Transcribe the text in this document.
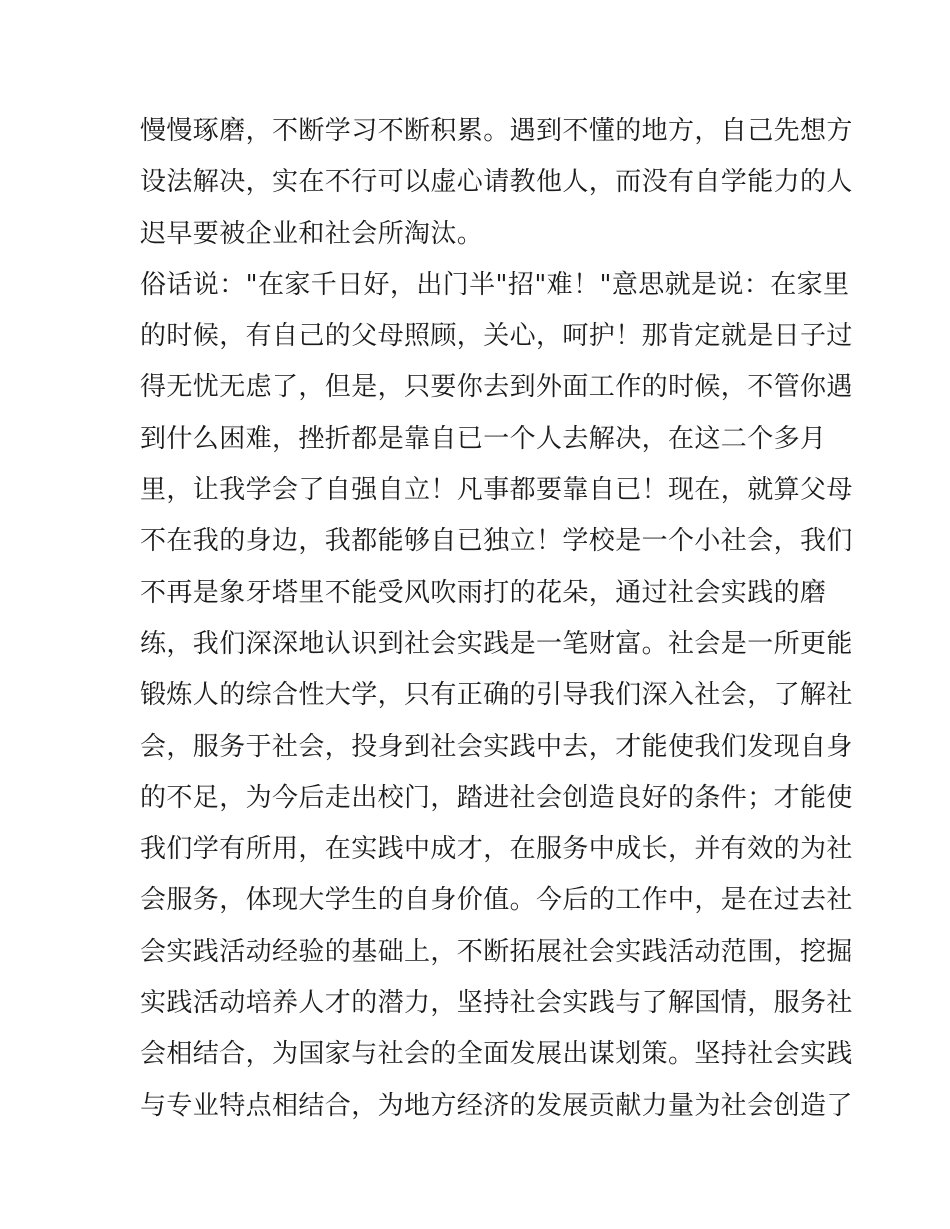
慢慢琢磨，不断学习不断积累。遇到不懂的地方，自己先想方
设法解决，实在不行可以虚心请教他人，而没有自学能力的人
迟早要被企业和社会所淘汰。
俗话说："在家千日好，出门半"招"难！"意思就是说：在家里
的时候，有自己的父母照顾，关心，呵护！那肯定就是日子过
得无忧无虑了，但是，只要你去到外面工作的时候，不管你遇
到什么困难，挫折都是靠自已一个人去解决，在这二个多月
里，让我学会了自强自立！凡事都要靠自已！现在，就算父母
不在我的身边，我都能够自已独立！学校是一个小社会，我们
不再是象牙塔里不能受风吹雨打的花朵，通过社会实践的磨
练，我们深深地认识到社会实践是一笔财富。社会是一所更能
锻炼人的综合性大学，只有正确的引导我们深入社会，了解社
会，服务于社会，投身到社会实践中去，才能使我们发现自身
的不足，为今后走出校门，踏进社会创造良好的条件；才能使
我们学有所用，在实践中成才，在服务中成长，并有效的为社
会服务，体现大学生的自身价值。今后的工作中，是在过去社
会实践活动经验的基础上，不断拓展社会实践活动范围，挖掘
实践活动培养人才的潜力，坚持社会实践与了解国情，服务社
会相结合，为国家与社会的全面发展出谋划策。坚持社会实践
与专业特点相结合，为地方经济的发展贡献力量为社会创造了
